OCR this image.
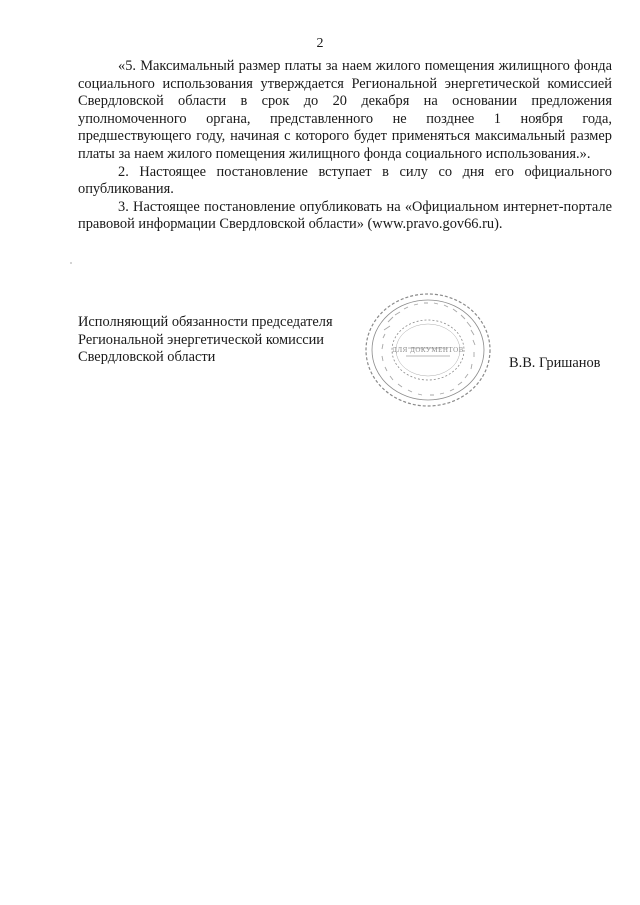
2

«5. Максимальный размер платы за наем жилого помещения жилищного фонда социального использования утверждается Региональной энергетической комиссией Свердловской области в срок до 20 декабря на основании предложения уполномоченного органа, представленного не позднее 1 ноября года, предшествующего году, начиная с которого будет применяться максимальный размер платы за наем жилого помещения жилищного фонда социального использования.».

2. Настоящее постановление вступает в силу со дня его официального опубликования.

3. Настоящее постановление опубликовать на «Официальном интернет-портале правовой информации Свердловской области» (www.pravo.gov66.ru).

Исполняющий обязанности председателя
Региональной энергетической комиссии
Свердловской области	ДЛЯ ДОКУМЕНТОВ
В.В. Гришанов
